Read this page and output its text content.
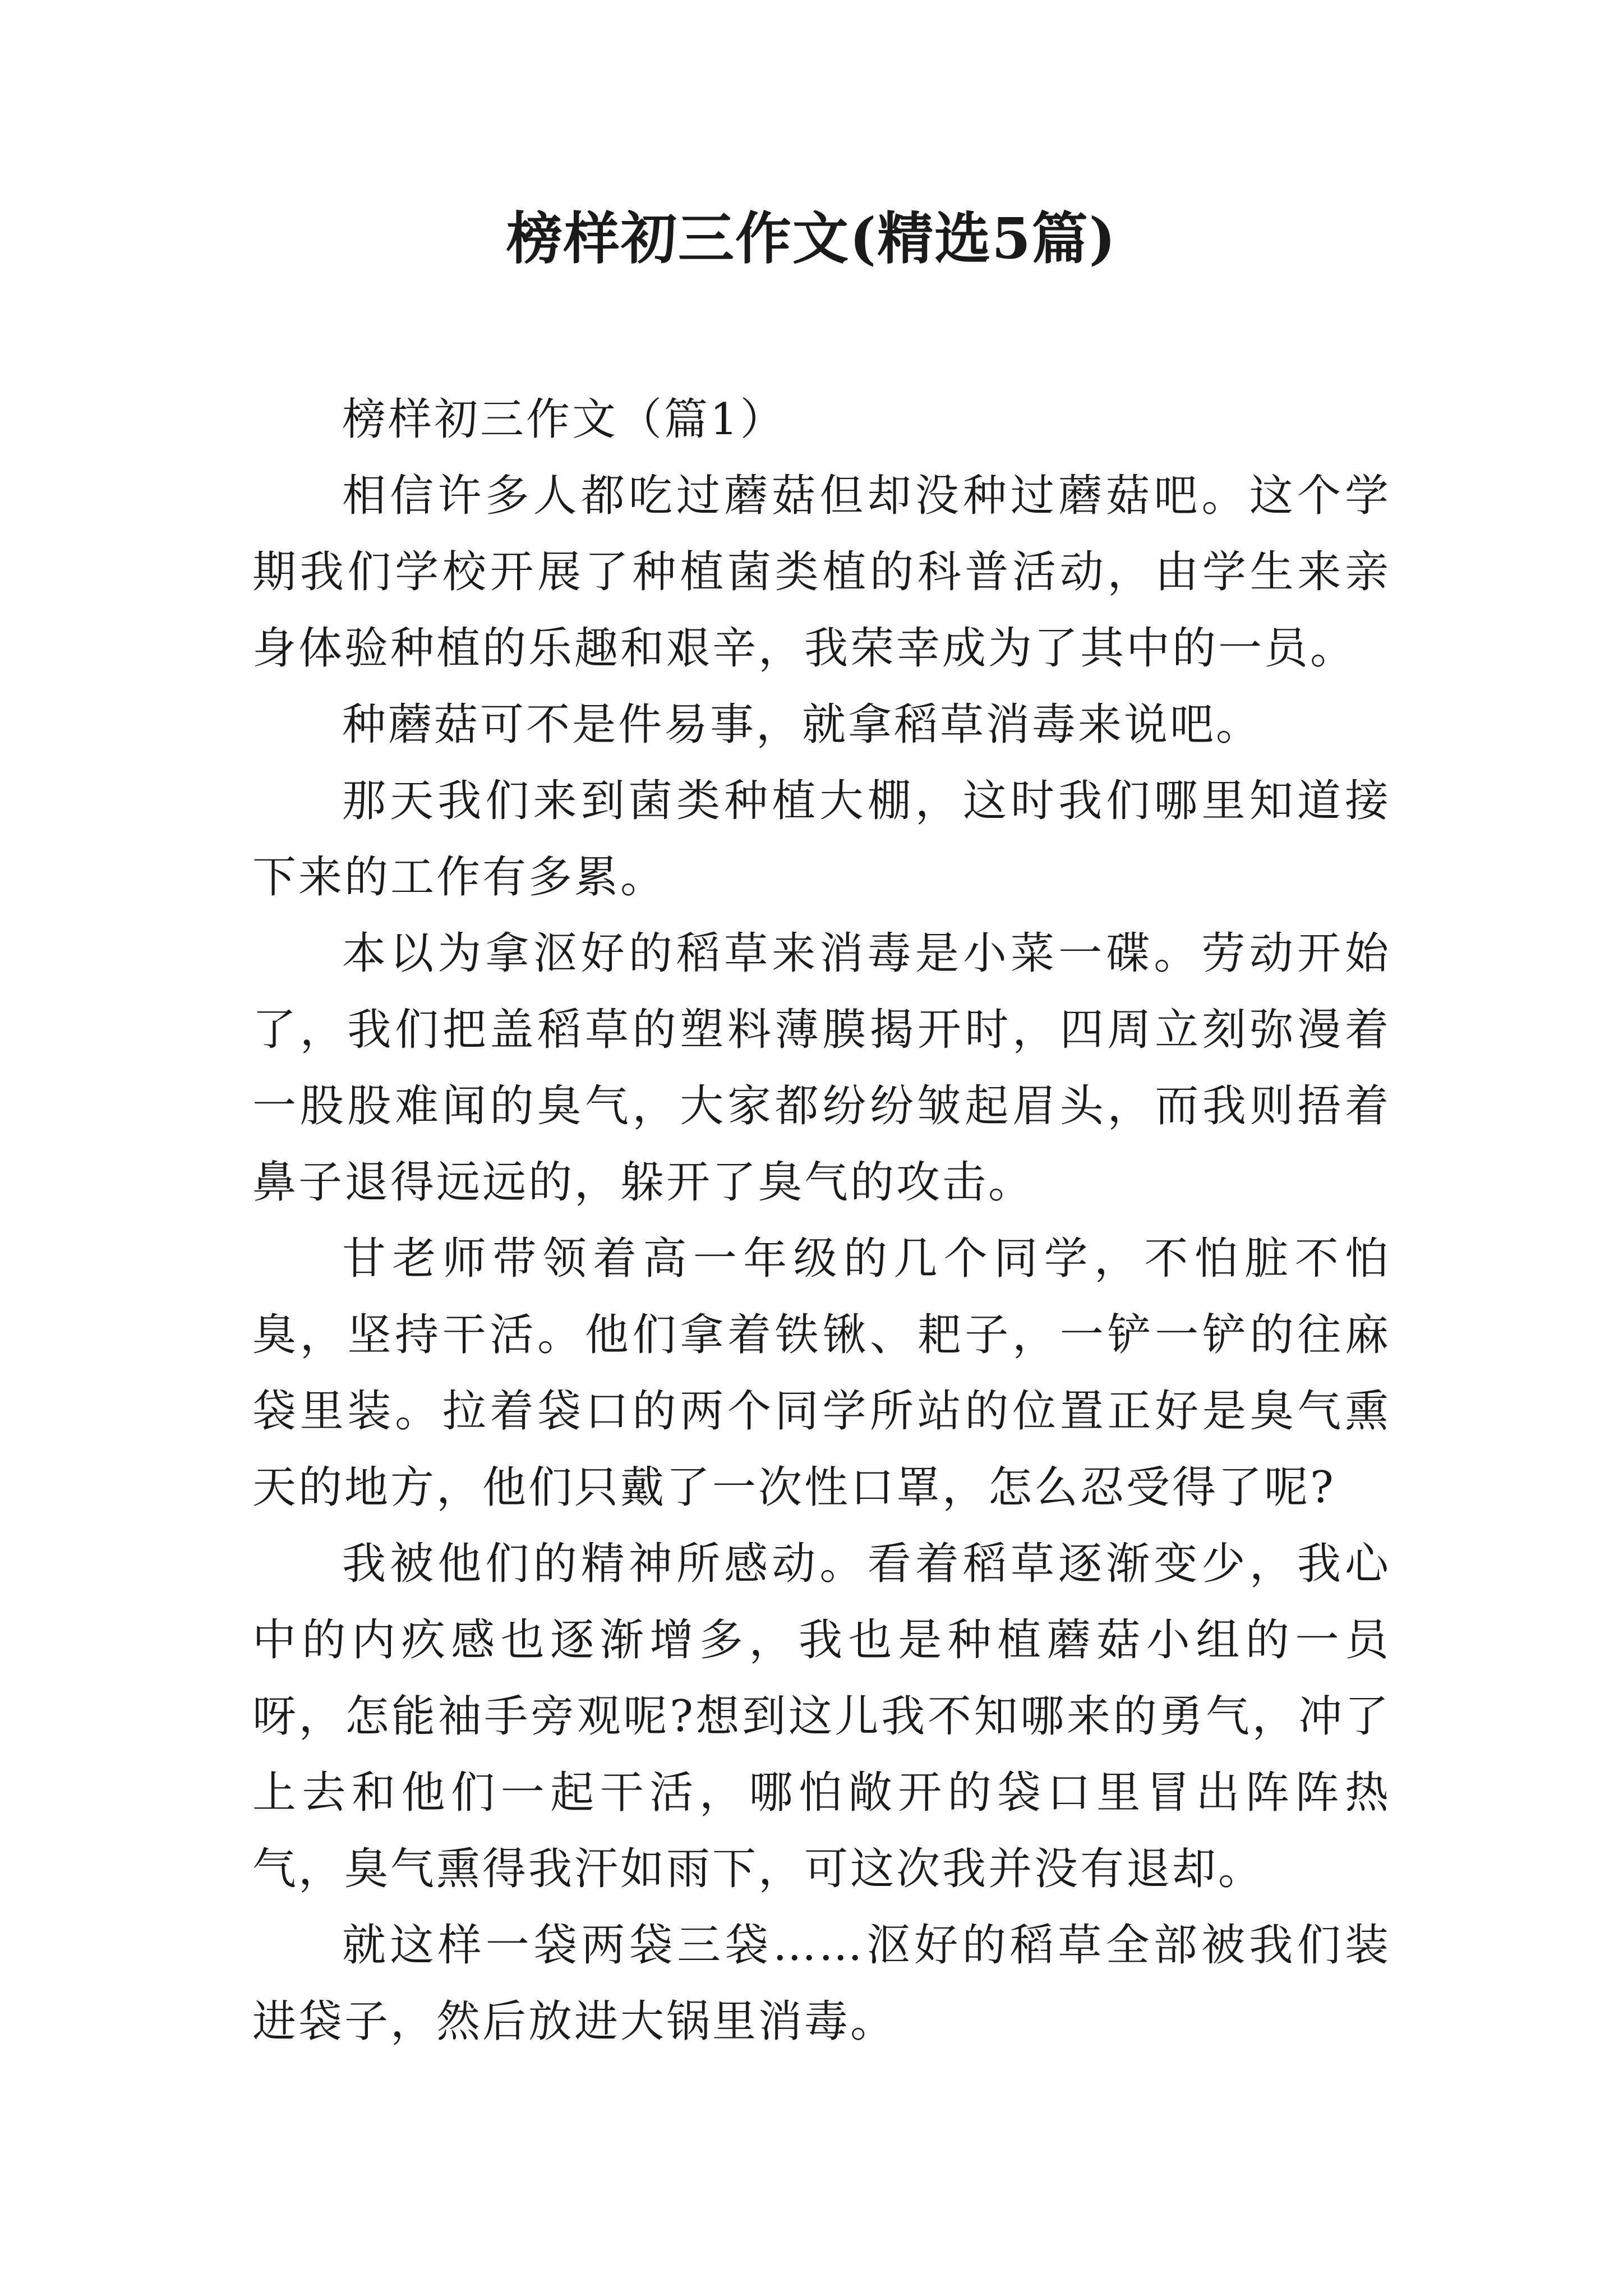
榜样初三作文(精选5篇)

榜样初三作文（篇1）

相信许多人都吃过蘑菇但却没种过蘑菇吧。这个学期我们学校开展了种植菌类植的科普活动，由学生来亲身体验种植的乐趣和艰辛，我荣幸成为了其中的一员。

种蘑菇可不是件易事，就拿稻草消毒来说吧。

那天我们来到菌类种植大棚，这时我们哪里知道接下来的工作有多累。

本以为拿沤好的稻草来消毒是小菜一碟。劳动开始了，我们把盖稻草的塑料薄膜揭开时，四周立刻弥漫着一股股难闻的臭气，大家都纷纷皱起眉头，而我则捂着鼻子退得远远的，躲开了臭气的攻击。

甘老师带领着高一年级的几个同学，不怕脏不怕臭，坚持干活。他们拿着铁锹、耙子，一铲一铲的往麻袋里装。拉着袋口的两个同学所站的位置正好是臭气熏天的地方，他们只戴了一次性口罩，怎么忍受得了呢?

我被他们的精神所感动。看着稻草逐渐变少，我心中的内疚感也逐渐增多，我也是种植蘑菇小组的一员呀，怎能袖手旁观呢?想到这儿我不知哪来的勇气，冲了上去和他们一起干活，哪怕敞开的袋口里冒出阵阵热气，臭气熏得我汗如雨下，可这次我并没有退却。

就这样一袋两袋三袋……沤好的稻草全部被我们装进袋子，然后放进大锅里消毒。
